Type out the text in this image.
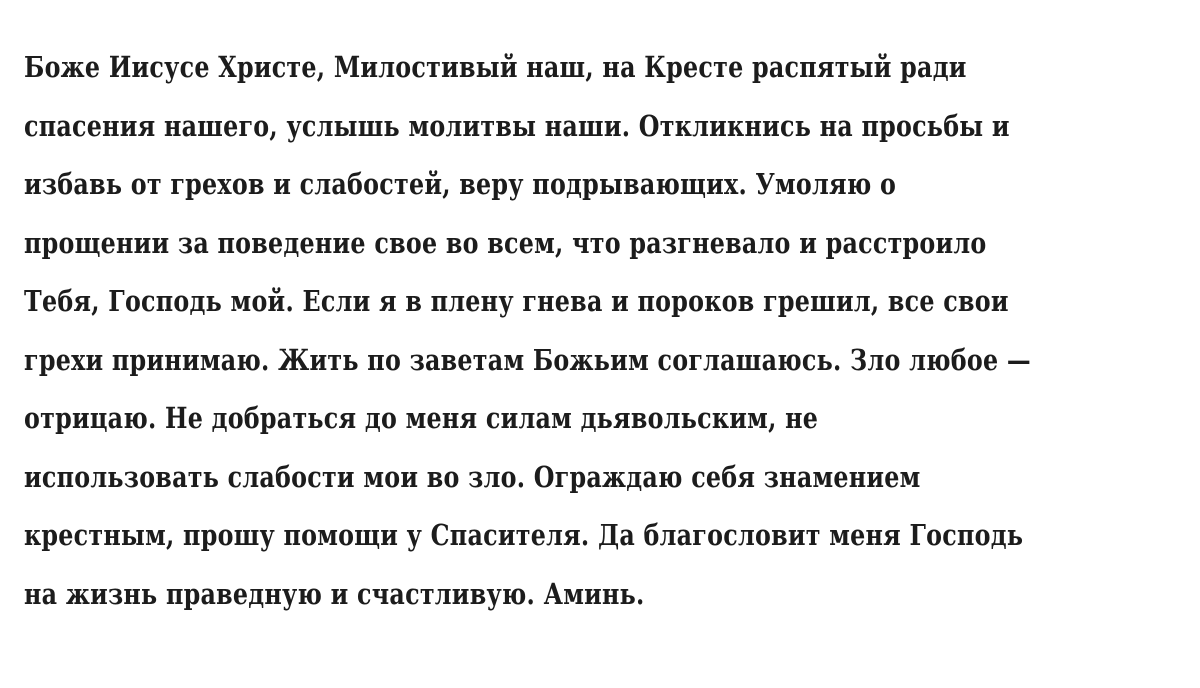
Боже Иисусе Христе, Милостивый наш, на Кресте распятый ради
спасения нашего, услышь молитвы наши. Откликнись на просьбы и
избавь от грехов и слабостей, веру подрывающих. Умоляю о
прощении за поведение свое во всем, что разгневало и расстроило
Тебя, Господь мой. Если я в плену гнева и пороков грешил, все свои
грехи принимаю. Жить по заветам Божьим соглашаюсь. Зло любое —
отрицаю. Не добраться до меня силам дьявольским, не
использовать слабости мои во зло. Ограждаю себя знамением
крестным, прошу помощи у Спасителя. Да благословит меня Господь
на жизнь праведную и счастливую. Аминь.
